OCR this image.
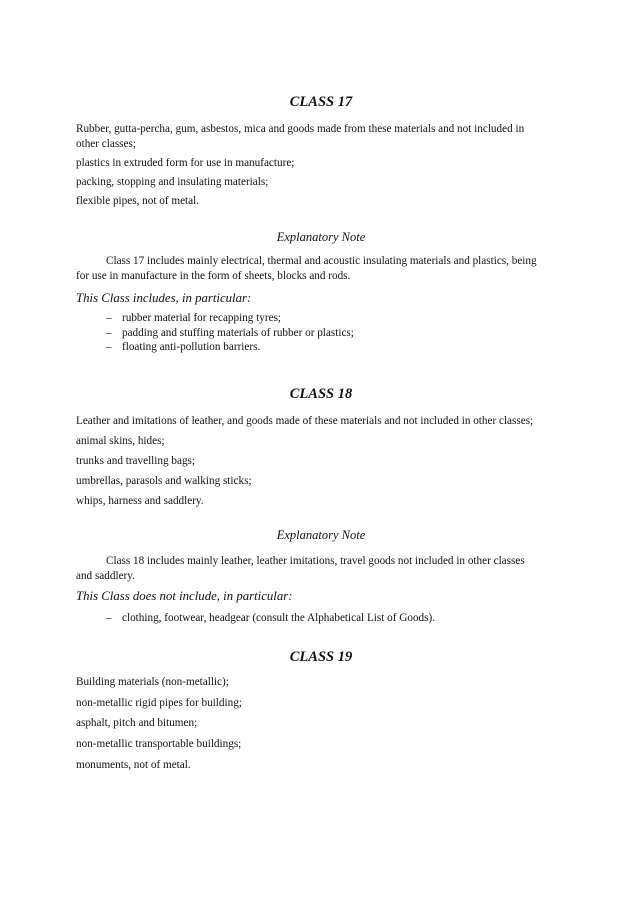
CLASS 17

Rubber, gutta-percha, gum, asbestos, mica and goods made from these materials and not included in

other classes;

plastics in extruded form for use in manufacture;

packing, stopping and insulating materials;

flexible pipes, not of metal.

Explanatory Note

Class 17 includes mainly electrical, thermal and acoustic insulating materials and plastics, being

for use in manufacture in the form of sheets, blocks and rods.

This Class includes, in particular:

– rubber material for recapping tyres;
– padding and stuffing materials of rubber or plastics;
– floating anti-pollution barriers.
CLASS 18

Leather and imitations of leather, and goods made of these materials and not included in other classes;

animal skins, hides;

trunks and travelling bags;

umbrellas, parasols and walking sticks;

whips, harness and saddlery.

Explanatory Note

Class 18 includes mainly leather, leather imitations, travel goods not included in other classes

and saddlery.

This Class does not include, in particular:

– clothing, footwear, headgear (consult the Alphabetical List of Goods).
CLASS 19

Building materials (non-metallic);

non-metallic rigid pipes for building;

asphalt, pitch and bitumen;

non-metallic transportable buildings;

monuments, not of metal.
